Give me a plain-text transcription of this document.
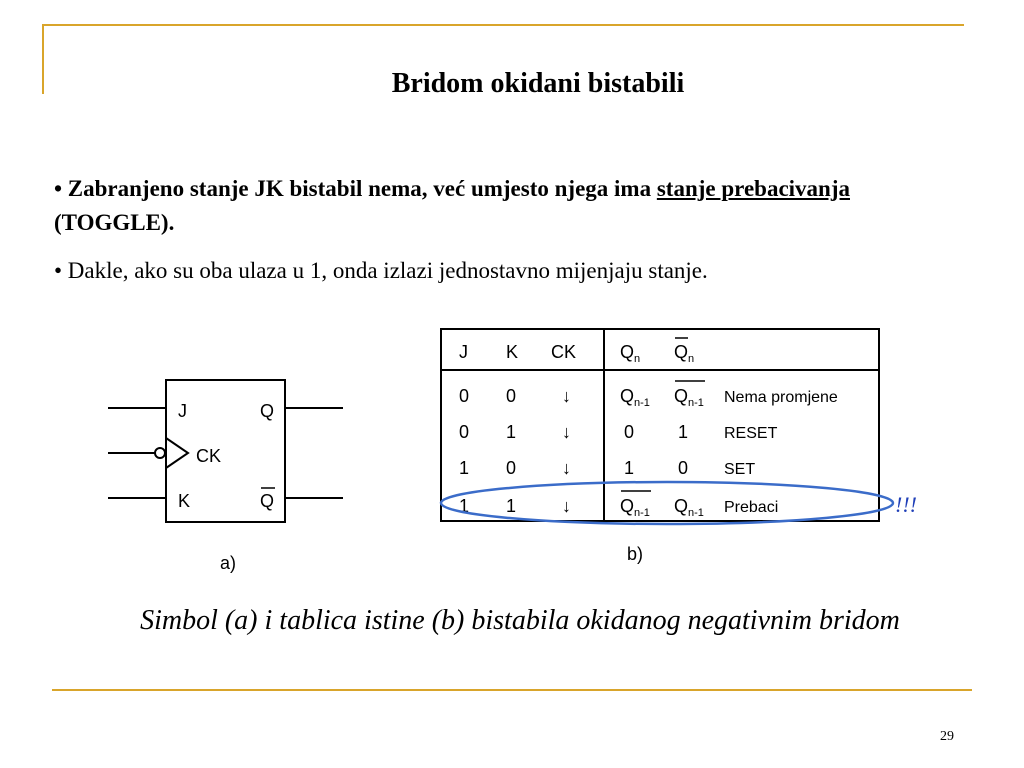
Bridom okidani bistabili
• Zabranjeno stanje JK bistabil nema, već umjesto njega ima stanje prebacivanja (TOGGLE).
• Dakle, ako su oba ulaza u 1, onda izlazi jednostavno mijenjaju stanje.
J
K
CK
Q
Q
a)
J K CK $Q_n$ $Q_n$
0 0	↓	$Q_{n-1}$ $Q_{n-1}$ Nema promjene
0 1	↓	0 1 RESET
1 0	↓	1 0 SET
1 1	↓	$Q_{n-1}$ $Q_{n-1}$ Prebaci	!!!
b)
Simbol (a) i tablica istine (b) bistabila okidanog negativnim bridom
29
